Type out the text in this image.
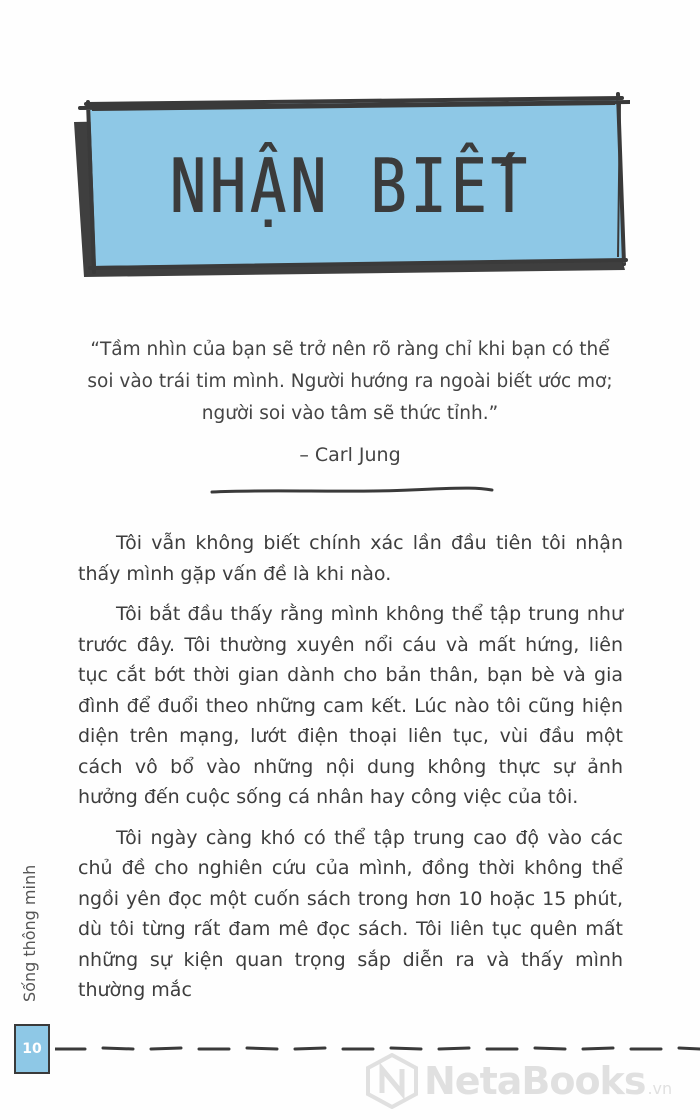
NHẬN BIẾT

“Tầm nhìn của bạn sẽ trở nên rõ ràng chỉ khi bạn có thể

soi vào trái tim mình. Người hướng ra ngoài biết ước mơ;

người soi vào tâm sẽ thức tỉnh.”

– Carl Jung

Tôi vẫn không biết chính xác lần đầu tiên tôi nhận thấy mình gặp vấn đề là khi nào.

Tôi bắt đầu thấy rằng mình không thể tập trung như trước đây. Tôi thường xuyên nổi cáu và mất hứng, liên tục cắt bớt thời gian dành cho bản thân, bạn bè và gia đình để đuổi theo những cam kết. Lúc nào tôi cũng hiện diện trên mạng, lướt điện thoại liên tục, vùi đầu một cách vô bổ vào những nội dung không thực sự ảnh hưởng đến cuộc sống cá nhân hay công việc của tôi.

Tôi ngày càng khó có thể tập trung cao độ vào các chủ đề cho nghiên cứu của mình, đồng thời không thể ngồi yên đọc một cuốn sách trong hơn 10 hoặc 15 phút, dù tôi từng rất đam mê đọc sách. Tôi liên tục quên mất những sự kiện quan trọng sắp diễn ra và thấy mình thường mắc

Sống thông minh
10
NetaBooks .vn
